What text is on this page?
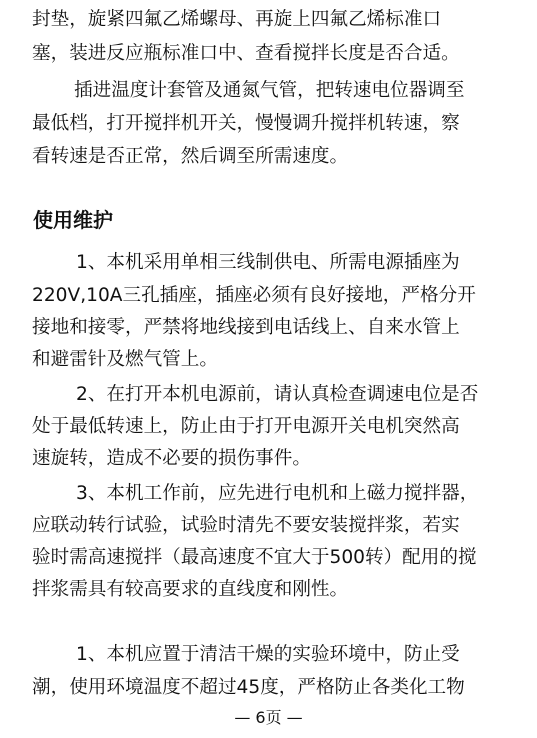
封垫，旋紧四氟乙烯螺母、再旋上四氟乙烯标准口
塞，装进反应瓶标准口中、查看搅拌长度是否合适。
插进温度计套管及通氮气管，把转速电位器调至
最低档，打开搅拌机开关，慢慢调升搅拌机转速，察
看转速是否正常，然后调至所需速度。
使用维护
1、本机采用单相三线制供电、所需电源插座为
220V,10A三孔插座，插座必须有良好接地，严格分开
接地和接零，严禁将地线接到电话线上、自来水管上
和避雷针及燃气管上。
2、在打开本机电源前，请认真检查调速电位是否
处于最低转速上，防止由于打开电源开关电机突然高
速旋转，造成不必要的损伤事件。
3、本机工作前，应先进行电机和上磁力搅拌器，
应联动转行试验，试验时清先不要安装搅拌浆，若实
验时需高速搅拌（最高速度不宜大于500转）配用的搅
拌浆需具有较高要求的直线度和刚性。
1、本机应置于清洁干燥的实验环境中，防止受
潮，使用环境温度不超过45度，严格防止各类化工物
— 6页 —
